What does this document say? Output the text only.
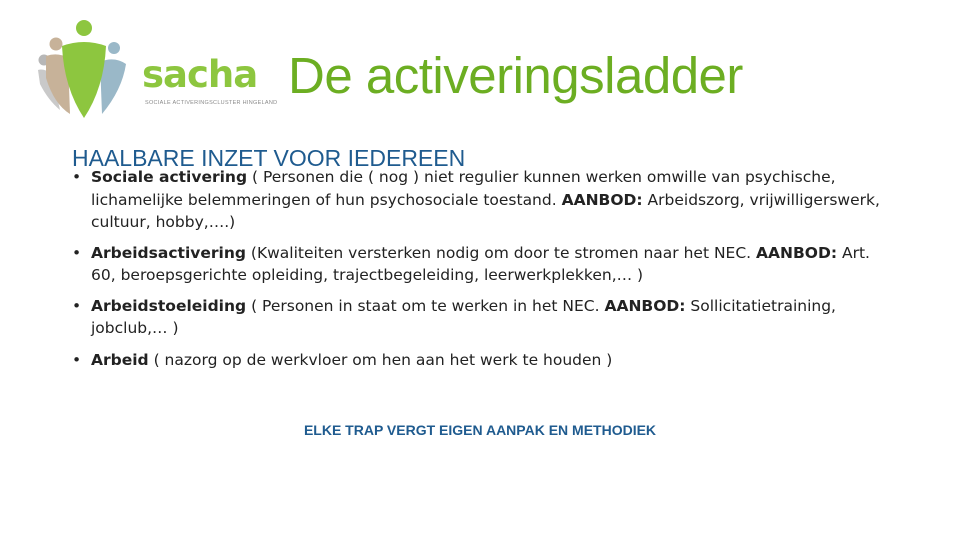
sacha
SOCIALE ACTIVERINGSCLUSTER HINGELAND De activeringsladder
HAALBARE INZET VOOR IEDEREEN
• Sociale activering ( Personen die ( nog ) niet regulier kunnen werken omwille van psychische, lichamelijke belemmeringen of hun psychosociale toestand. AANBOD: Arbeidszorg, vrijwilligerswerk, cultuur, hobby,….)
• Arbeidsactivering (Kwaliteiten versterken nodig om door te stromen naar het NEC. AANBOD: Art. 60, beroepsgerichte opleiding, trajectbegeleiding, leerwerkplekken,… )
• Arbeidstoeleiding ( Personen in staat om te werken in het NEC. AANBOD: Sollicitatietraining, jobclub,… )
• Arbeid ( nazorg op de werkvloer om hen aan het werk te houden )
ELKE TRAP VERGT EIGEN AANPAK EN METHODIEK
